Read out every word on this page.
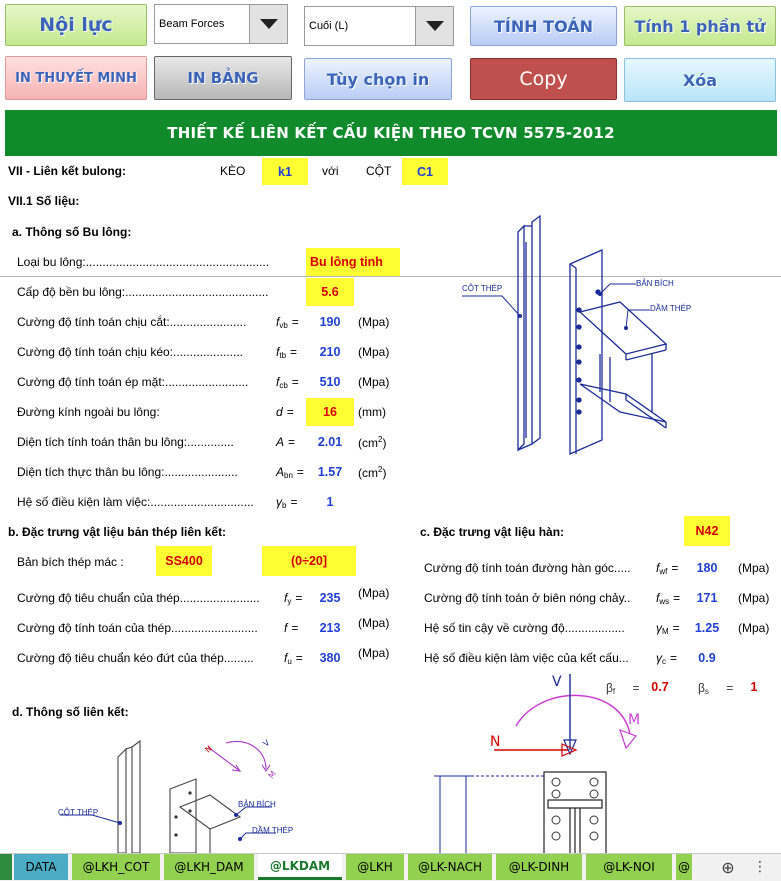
Nội lực	Beam Forces	Cuối (L)	TÍNH TOÁN	Tính 1 phần tử
IN THUYẾT MINH	IN BẢNG	Tùy chọn in	Copy	Xóa
THIẾT KẾ LIÊN KẾT CẤU KIỆN THEO TCVN 5575-2012
VII - Liên kết bulong:	KÈO	k1	với CỘT	C1
VII.1 Số liệu:
a. Thông số Bu lông:
Loại bu lông:.......................................................	Bu lông tinh
Cấp độ bền bu lông:...........................................	5.6
Cường độ tính toán chịu cắt:....................... $f_{vb}$ =	190	(Mpa)
Cường độ tính toán chịu kéo:.....................	$f_{tb}$ =	210	(Mpa)
Cường độ tính toán ép mặt:......................... $f_{cb}$ =	510	(Mpa)
Đường kính ngoài bu lông:	d =	16	(mm)
Diện tích tính toán thân bu lông:..............	A =	2.01	$(cm^2)$
Diện tích thực thân bu lông:......................	$A_{bn}$ =	1.57	$(cm^2)$
Hệ số điều kiện làm việc:............................... $\gamma_b$ =	1
b. Đặc trưng vật liệu bản thép liên kết:
Bản bích thép mác :	SS400	(0÷20]
Cường độ tiêu chuẩn của thép........................ $f_y$ =	235	(Mpa)
Cường độ tính toán của thép.......................... f =	213	(Mpa)
Cường độ tiêu chuẩn kéo đứt của thép.........	$f_u$ =	380	(Mpa)
c. Đặc trưng vật liệu hàn:	N42
Cường độ tính toán đường hàn góc..... $f_{wf}$ =	180	(Mpa)
Cường độ tính toán ở biên nóng chảy.. $f_{ws}$ =	171	(Mpa)
Hệ số tin cậy về cường độ..................	$\gamma_M$ =	1.25	(Mpa)
Hệ số điều kiện làm việc của kết cấu... $\gamma_c$ =	0.9
$\beta_f = 0.7$	$\beta_s$ =	1
d. Thông số liên kết:
CỘT THÉP
BẢN BÍCH
DẦM THÉP
N
V
M
CỘT THÉP
BẢN BÍCH
DẦM THÉP
V
M
N
DATA	@LKH_COT	@LKH_DAM	@LKDAM	@LKH	@LK-NACH	@LK-DINH	@LK-NOI	@	⊕	⋮
